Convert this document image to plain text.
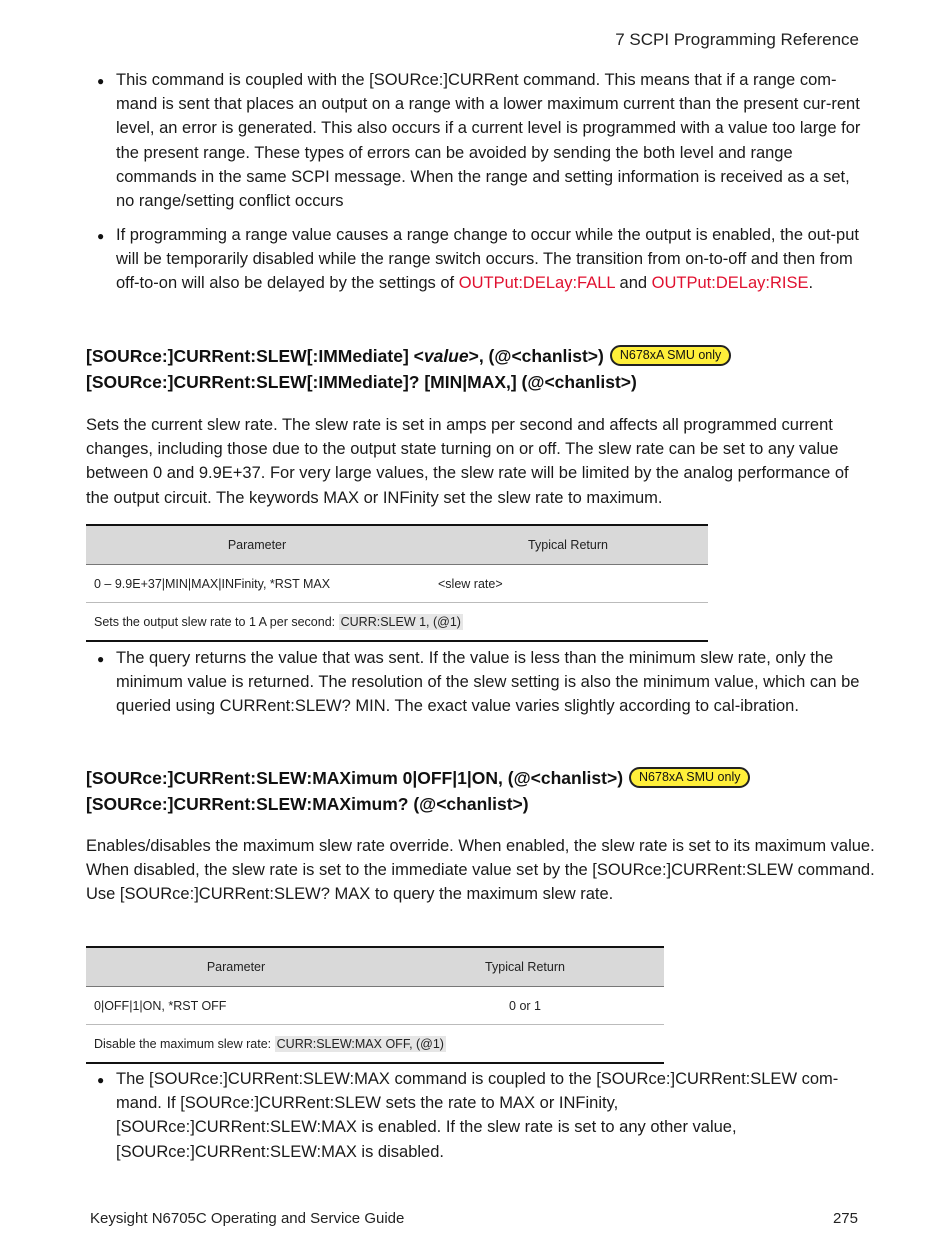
7 SCPI Programming Reference
● This command is coupled with the [SOURce:]CURRent command. This means that if a range com-mand is sent that places an output on a range with a lower maximum current than the present cur-rent level, an error is generated. This also occurs if a current level is programmed with a value too large for the present range. These types of errors can be avoided by sending the both level and range commands in the same SCPI message. When the range and setting information is received as a set, no range/setting conflict occurs
● If programming a range value causes a range change to occur while the output is enabled, the out-put will be temporarily disabled while the range switch occurs. The transition from on-to-off and then from off-to-on will also be delayed by the settings of OUTPut:DELay:FALL and OUTPut:DELay:RISE.
[SOURce:]CURRent:SLEW[:IMMediate] <value>, (@<chanlist>) N678xA SMU only
[SOURce:]CURRent:SLEW[:IMMediate]? [MIN|MAX,] (@<chanlist>)
Sets the current slew rate. The slew rate is set in amps per second and affects all programmed current changes, including those due to the output state turning on or off. The slew rate can be set to any value between 0 and 9.9E+37. For very large values, the slew rate will be limited by the analog performance of the output circuit. The keywords MAX or INFinity set the slew rate to maximum.
Parameter	Typical Return
0 – 9.9E+37|MIN|MAX|INFinity, *RST MAX	<slew rate>
Sets the output slew rate to 1 A per second: CURR:SLEW 1, (@1)	
● The query returns the value that was sent. If the value is less than the minimum slew rate, only the minimum value is returned. The resolution of the slew setting is also the minimum value, which can be queried using CURRent:SLEW? MIN. The exact value varies slightly according to cal-ibration.
[SOURce:]CURRent:SLEW:MAXimum 0|OFF|1|ON, (@<chanlist>) N678xA SMU only
[SOURce:]CURRent:SLEW:MAXimum? (@<chanlist>)
Enables/disables the maximum slew rate override. When enabled, the slew rate is set to its maximum value. When disabled, the slew rate is set to the immediate value set by the [SOURce:]CURRent:SLEW command. Use [SOURce:]CURRent:SLEW? MAX to query the maximum slew rate.
Parameter	Typical Return
0|OFF|1|ON, *RST OFF	0 or 1
Disable the maximum slew rate: CURR:SLEW:MAX OFF, (@1)	
● The [SOURce:]CURRent:SLEW:MAX command is coupled to the [SOURce:]CURRent:SLEW com-mand. If [SOURce:]CURRent:SLEW sets the rate to MAX or INFinity, [SOURce:]CURRent:SLEW:MAX is enabled. If the slew rate is set to any other value, [SOURce:]CURRent:SLEW:MAX is disabled.
Keysight N6705C Operating and Service Guide	275
